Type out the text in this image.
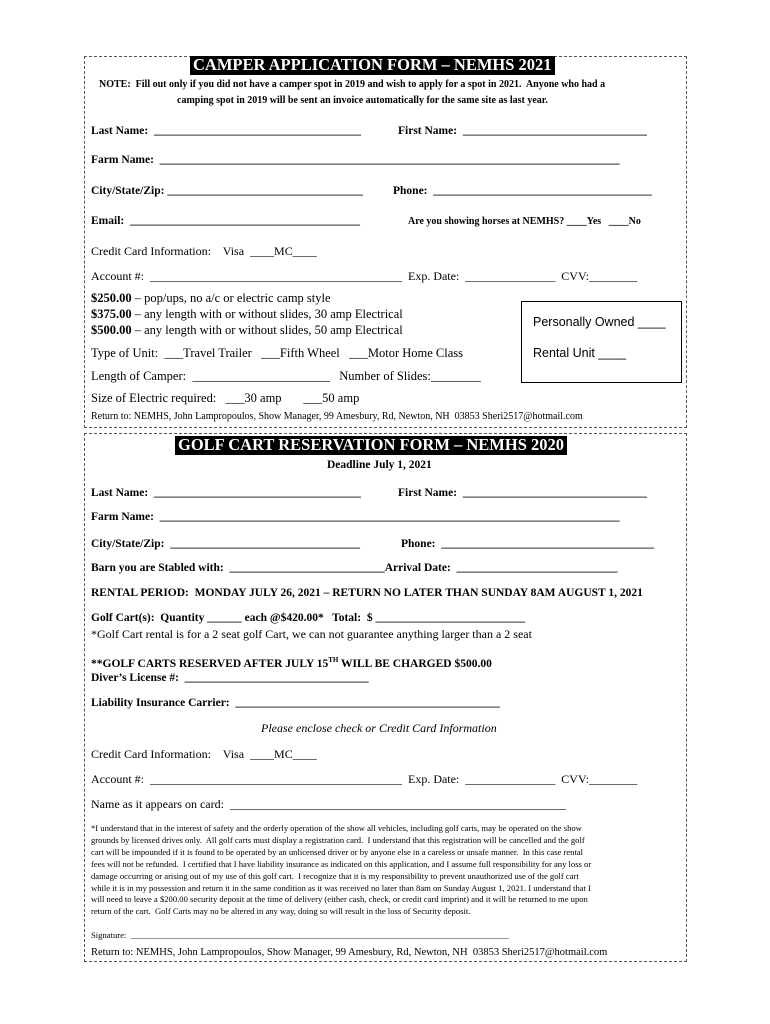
CAMPER APPLICATION FORM – NEMHS 2021
NOTE:  Fill out only if you did not have a camper spot in 2019 and wish to apply for a spot in 2021.  Anyone who had a
camping spot in 2019 will be sent an invoice automatically for the same site as last year.
Last Name:  ____________________________________	First Name:  ________________________________
Farm Name:  ________________________________________________________________________________
City/State/Zip: __________________________________	Phone:  ______________________________________
Email:  ________________________________________	Are you showing horses at NEMHS? ____Yes   ____No
Credit Card Information:    Visa  ____MC____
Account #:  __________________________________________  Exp. Date:  _______________  CVV:________
$250.00 – pop/ups, no a/c or electric camp style
$375.00 – any length with or without slides, 30 amp Electrical
$500.00 – any length with or without slides, 50 amp Electrical
Personally Owned ____
Rental Unit ____
Type of Unit:  ___Travel Trailer   ___Fifth Wheel   ___Motor Home Class
Length of Camper:  ______________________   Number of Slides:________
Size of Electric required:   ___30 amp       ___50 amp
Return to: NEMHS, John Lampropoulos, Show Manager, 99 Amesbury, Rd, Newton, NH  03853 Sheri2517@hotmail.com
GOLF CART RESERVATION FORM – NEMHS 2020
Deadline July 1, 2021
Last Name:  ____________________________________	First Name:  ________________________________
Farm Name:  ________________________________________________________________________________
City/State/Zip:  _________________________________	Phone:  _____________________________________
Barn you are Stabled with:  ___________________________Arrival Date:  ____________________________
RENTAL PERIOD:  MONDAY JULY 26, 2021 – RETURN NO LATER THAN SUNDAY 8AM AUGUST 1, 2021
Golf Cart(s):  Quantity ______ each @$420.00*   Total:  $ __________________________
*Golf Cart rental is for a 2 seat golf Cart, we can not guarantee anything larger than a 2 seat
**GOLF CARTS RESERVED AFTER JULY 15TH WILL BE CHARGED $500.00
Diver’s License #:  ________________________________
Liability Insurance Carrier:  ______________________________________________
Please enclose check or Credit Card Information
Credit Card Information:    Visa  ____MC____
Account #:  __________________________________________  Exp. Date:  _______________  CVV:________
Name as it appears on card:  ________________________________________________________
*I understand that in the interest of safety and the orderly operation of the show all vehicles, including golf carts, may be operated on the show
grounds by licensed drives only.  All golf carts must display a registration card.  I understand that this registration will be cancelled and the golf
cart will be impounded if it is found to be operated by an unlicensed driver or by anyone else in a careless or unsafe manner.  In this case rental
fees will not be refunded.  I certified that I have liability insurance as indicated on this application, and I assume full responsibility for any loss or
damage occurring or arising out of my use of this golf cart.  I recognize that it is my responsibility to prevent unauthorized use of the golf cart
while it is in my possession and return it in the same condition as it was received no later than 8am on Sunday August 1, 2021. I understand that I
will need to leave a $200.00 security deposit at the time of delivery (either cash, check, or credit card imprint) and it will be returned to me upon
return of the cart.  Golf Carts may no be altered in any way, doing so will result in the loss of Security deposit.
Signature:  ________________________________________________________________________________________
Return to: NEMHS, John Lampropoulos, Show Manager, 99 Amesbury, Rd, Newton, NH  03853 Sheri2517@hotmail.com
